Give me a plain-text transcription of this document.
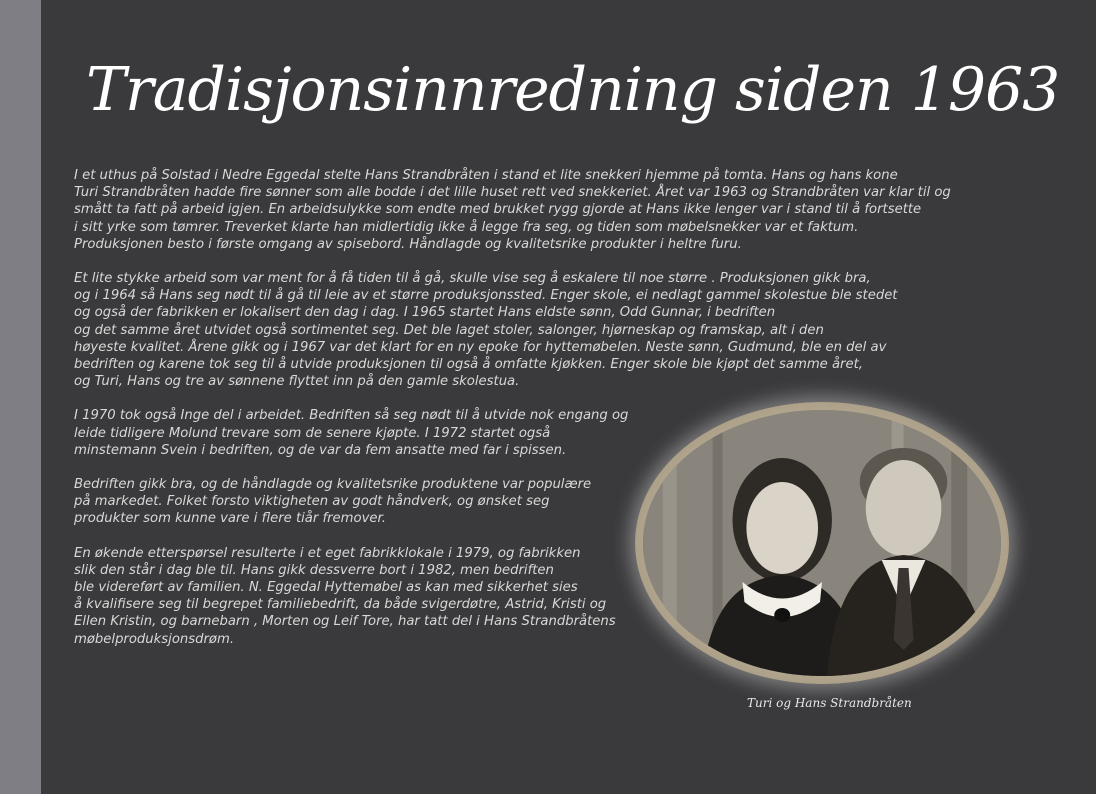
Tradisjonsinnredning siden 1963

I et uthus på Solstad i Nedre Eggedal stelte Hans Strandbråten i stand et lite snekkeri hjemme på tomta. Hans og hans kone
Turi Strandbråten hadde fire sønner som alle bodde i det lille huset rett ved snekkeriet. Året var 1963 og Strandbråten var klar til og
smått ta fatt på arbeid igjen. En arbeidsulykke som endte med brukket rygg gjorde at Hans ikke lenger var i stand til å fortsette
i sitt yrke som tømrer. Treverket klarte han midlertidig ikke å legge fra seg, og tiden som møbelsnekker var et faktum.
Produksjonen besto i første omgang av spisebord. Håndlagde og kvalitetsrike produkter i heltre furu.

Et lite stykke arbeid som var ment for å få tiden til å gå, skulle vise seg å eskalere til noe større . Produksjonen gikk bra,
og i 1964 så Hans seg nødt til å gå til leie av et større produksjonssted. Enger skole, ei nedlagt gammel skolestue ble stedet
og også der fabrikken er lokalisert den dag i dag. I 1965 startet Hans eldste sønn, Odd Gunnar, i bedriften
og det samme året utvidet også sortimentet seg. Det ble laget stoler, salonger, hjørneskap og framskap, alt i den
høyeste kvalitet. Årene gikk og i 1967 var det klart for en ny epoke for hyttemøbelen. Neste sønn, Gudmund, ble en del av
bedriften og karene tok seg til å utvide produksjonen til også å omfatte kjøkken. Enger skole ble kjøpt det samme året,
og Turi, Hans og tre av sønnene flyttet inn på den gamle skolestua.

I 1970 tok også Inge del i arbeidet. Bedriften så seg nødt til å utvide nok engang og
leide tidligere Molund trevare som de senere kjøpte. I 1972 startet også
minstemann Svein i bedriften, og de var da fem ansatte med far i spissen.

Bedriften gikk bra, og de håndlagde og kvalitetsrike produktene var populære
på markedet. Folket forsto viktigheten av godt håndverk, og ønsket seg
produkter som kunne vare i flere tiår fremover.

En økende etterspørsel resulterte i et eget fabrikklokale i 1979, og fabrikken
slik den står i dag ble til. Hans gikk dessverre bort i 1982, men bedriften
ble videreført av familien. N. Eggedal Hyttemøbel as kan med sikkerhet sies
å kvalifisere seg til begrepet familiebedrift, da både svigerdøtre, Astrid, Kristi og
Ellen Kristin, og barnebarn , Morten og Leif Tore, har tatt del i Hans Strandbråtens
møbelproduksjonsdrøm.

Turi og Hans Strandbråten
